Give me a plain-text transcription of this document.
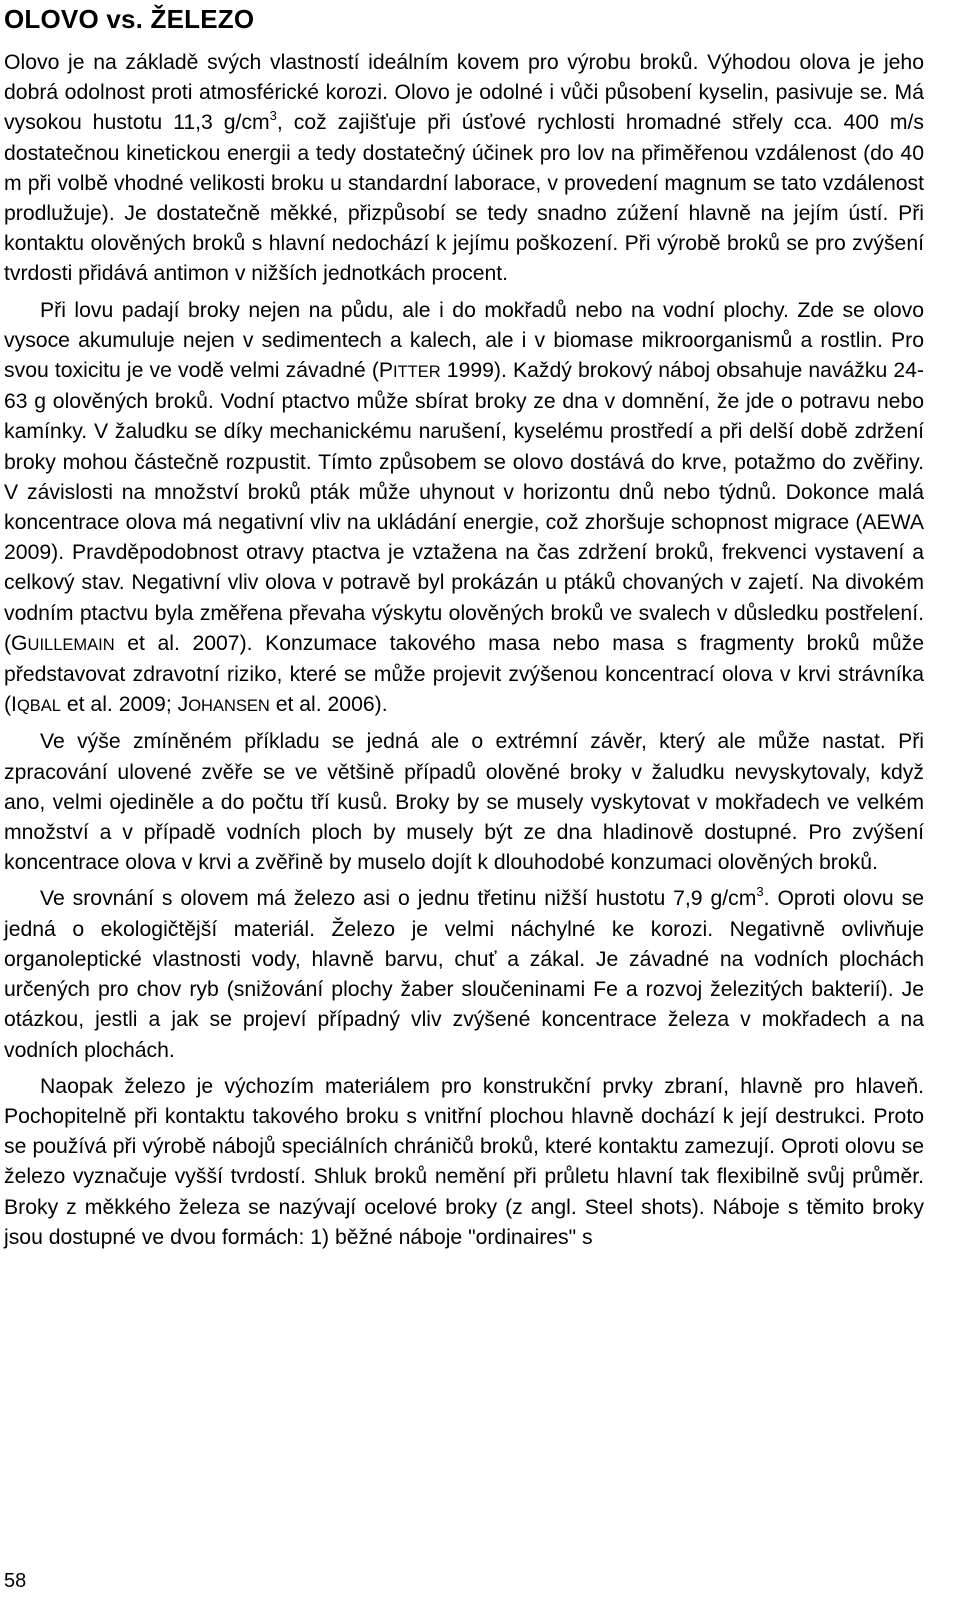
OLOVO vs. ŽELEZO

Olovo je na základě svých vlastností ideálním kovem pro výrobu broků. Výhodou olova je jeho dobrá odolnost proti atmosférické korozi. Olovo je odolné i vůči působení kyselin, pasivuje se. Má vysokou hustotu 11,3 $g/cm^3$, což zajišťuje při úsťové rychlosti hromadné střely cca. 400 m/s dostatečnou kinetickou energii a tedy dostatečný účinek pro lov na přiměřenou vzdálenost (do 40 m při volbě vhodné velikosti broku u standardní laborace, v provedení magnum se tato vzdálenost prodlužuje). Je dostatečně měkké, přizpůsobí se tedy snadno zúžení hlavně na jejím ústí. Při kontaktu olověných broků s hlavní nedochází k jejímu poškození. Při výrobě broků se pro zvýšení tvrdosti přidává antimon v nižších jednotkách procent.

Při lovu padají broky nejen na půdu, ale i do mokřadů nebo na vodní plochy. Zde se olovo vysoce akumuluje nejen v sedimentech a kalech, ale i v biomase mikroorganismů a rostlin. Pro svou toxicitu je ve vodě velmi závadné (PITTER 1999). Každý brokový náboj obsahuje navážku 24-63 g olověných broků. Vodní ptactvo může sbírat broky ze dna v domnění, že jde o potravu nebo kamínky. V žaludku se díky mechanickému narušení, kyselému prostředí a při delší době zdržení broky mohou částečně rozpustit. Tímto způsobem se olovo dostává do krve, potažmo do zvěřiny. V závislosti na množství broků pták může uhynout v horizontu dnů nebo týdnů. Dokonce malá koncentrace olova má negativní vliv na ukládání energie, což zhoršuje schopnost migrace (AEWA 2009). Pravděpodobnost otravy ptactva je vztažena na čas zdržení broků, frekvenci vystavení a celkový stav. Negativní vliv olova v potravě byl prokázán u ptáků chovaných v zajetí. Na divokém vodním ptactvu byla změřena převaha výskytu olověných broků ve svalech v důsledku postřelení. (GUILLEMAIN et al. 2007). Konzumace takového masa nebo masa s fragmenty broků může představovat zdravotní riziko, které se může projevit zvýšenou koncentrací olova v krvi strávníka (IQBAL et al. 2009; JOHANSEN et al. 2006).

Ve výše zmíněném příkladu se jedná ale o extrémní závěr, který ale může nastat. Při zpracování ulovené zvěře se ve většině případů olověné broky v žaludku nevyskytovaly, když ano, velmi ojediněle a do počtu tří kusů. Broky by se musely vyskytovat v mokřadech ve velkém množství a v případě vodních ploch by musely být ze dna hladinově dostupné. Pro zvýšení koncentrace olova v krvi a zvěřině by muselo dojít k dlouhodobé konzumaci olověných broků.

Ve srovnání s olovem má železo asi o jednu třetinu nižší hustotu 7,9 $g/cm^3$. Oproti olovu se jedná o ekologičtější materiál. Železo je velmi náchylné ke korozi. Negativně ovlivňuje organoleptické vlastnosti vody, hlavně barvu, chuť a zákal. Je závadné na vodních plochách určených pro chov ryb (snižování plochy žaber sloučeninami Fe a rozvoj železitých bakterií). Je otázkou, jestli a jak se projeví případný vliv zvýšené koncentrace železa v mokřadech a na vodních plochách.

Naopak železo je výchozím materiálem pro konstrukční prvky zbraní, hlavně pro hlaveň. Pochopitelně při kontaktu takového broku s vnitřní plochou hlavně dochází k její destrukci. Proto se používá při výrobě nábojů speciálních chráničů broků, které kontaktu zamezují. Oproti olovu se železo vyznačuje vyšší tvrdostí. Shluk broků nemění při průletu hlavní tak flexibilně svůj průměr. Broky z měkkého železa se nazývají ocelové broky (z angl. Steel shots). Náboje s těmito broky jsou dostupné ve dvou formách: 1) běžné náboje "ordinaires" s

58
